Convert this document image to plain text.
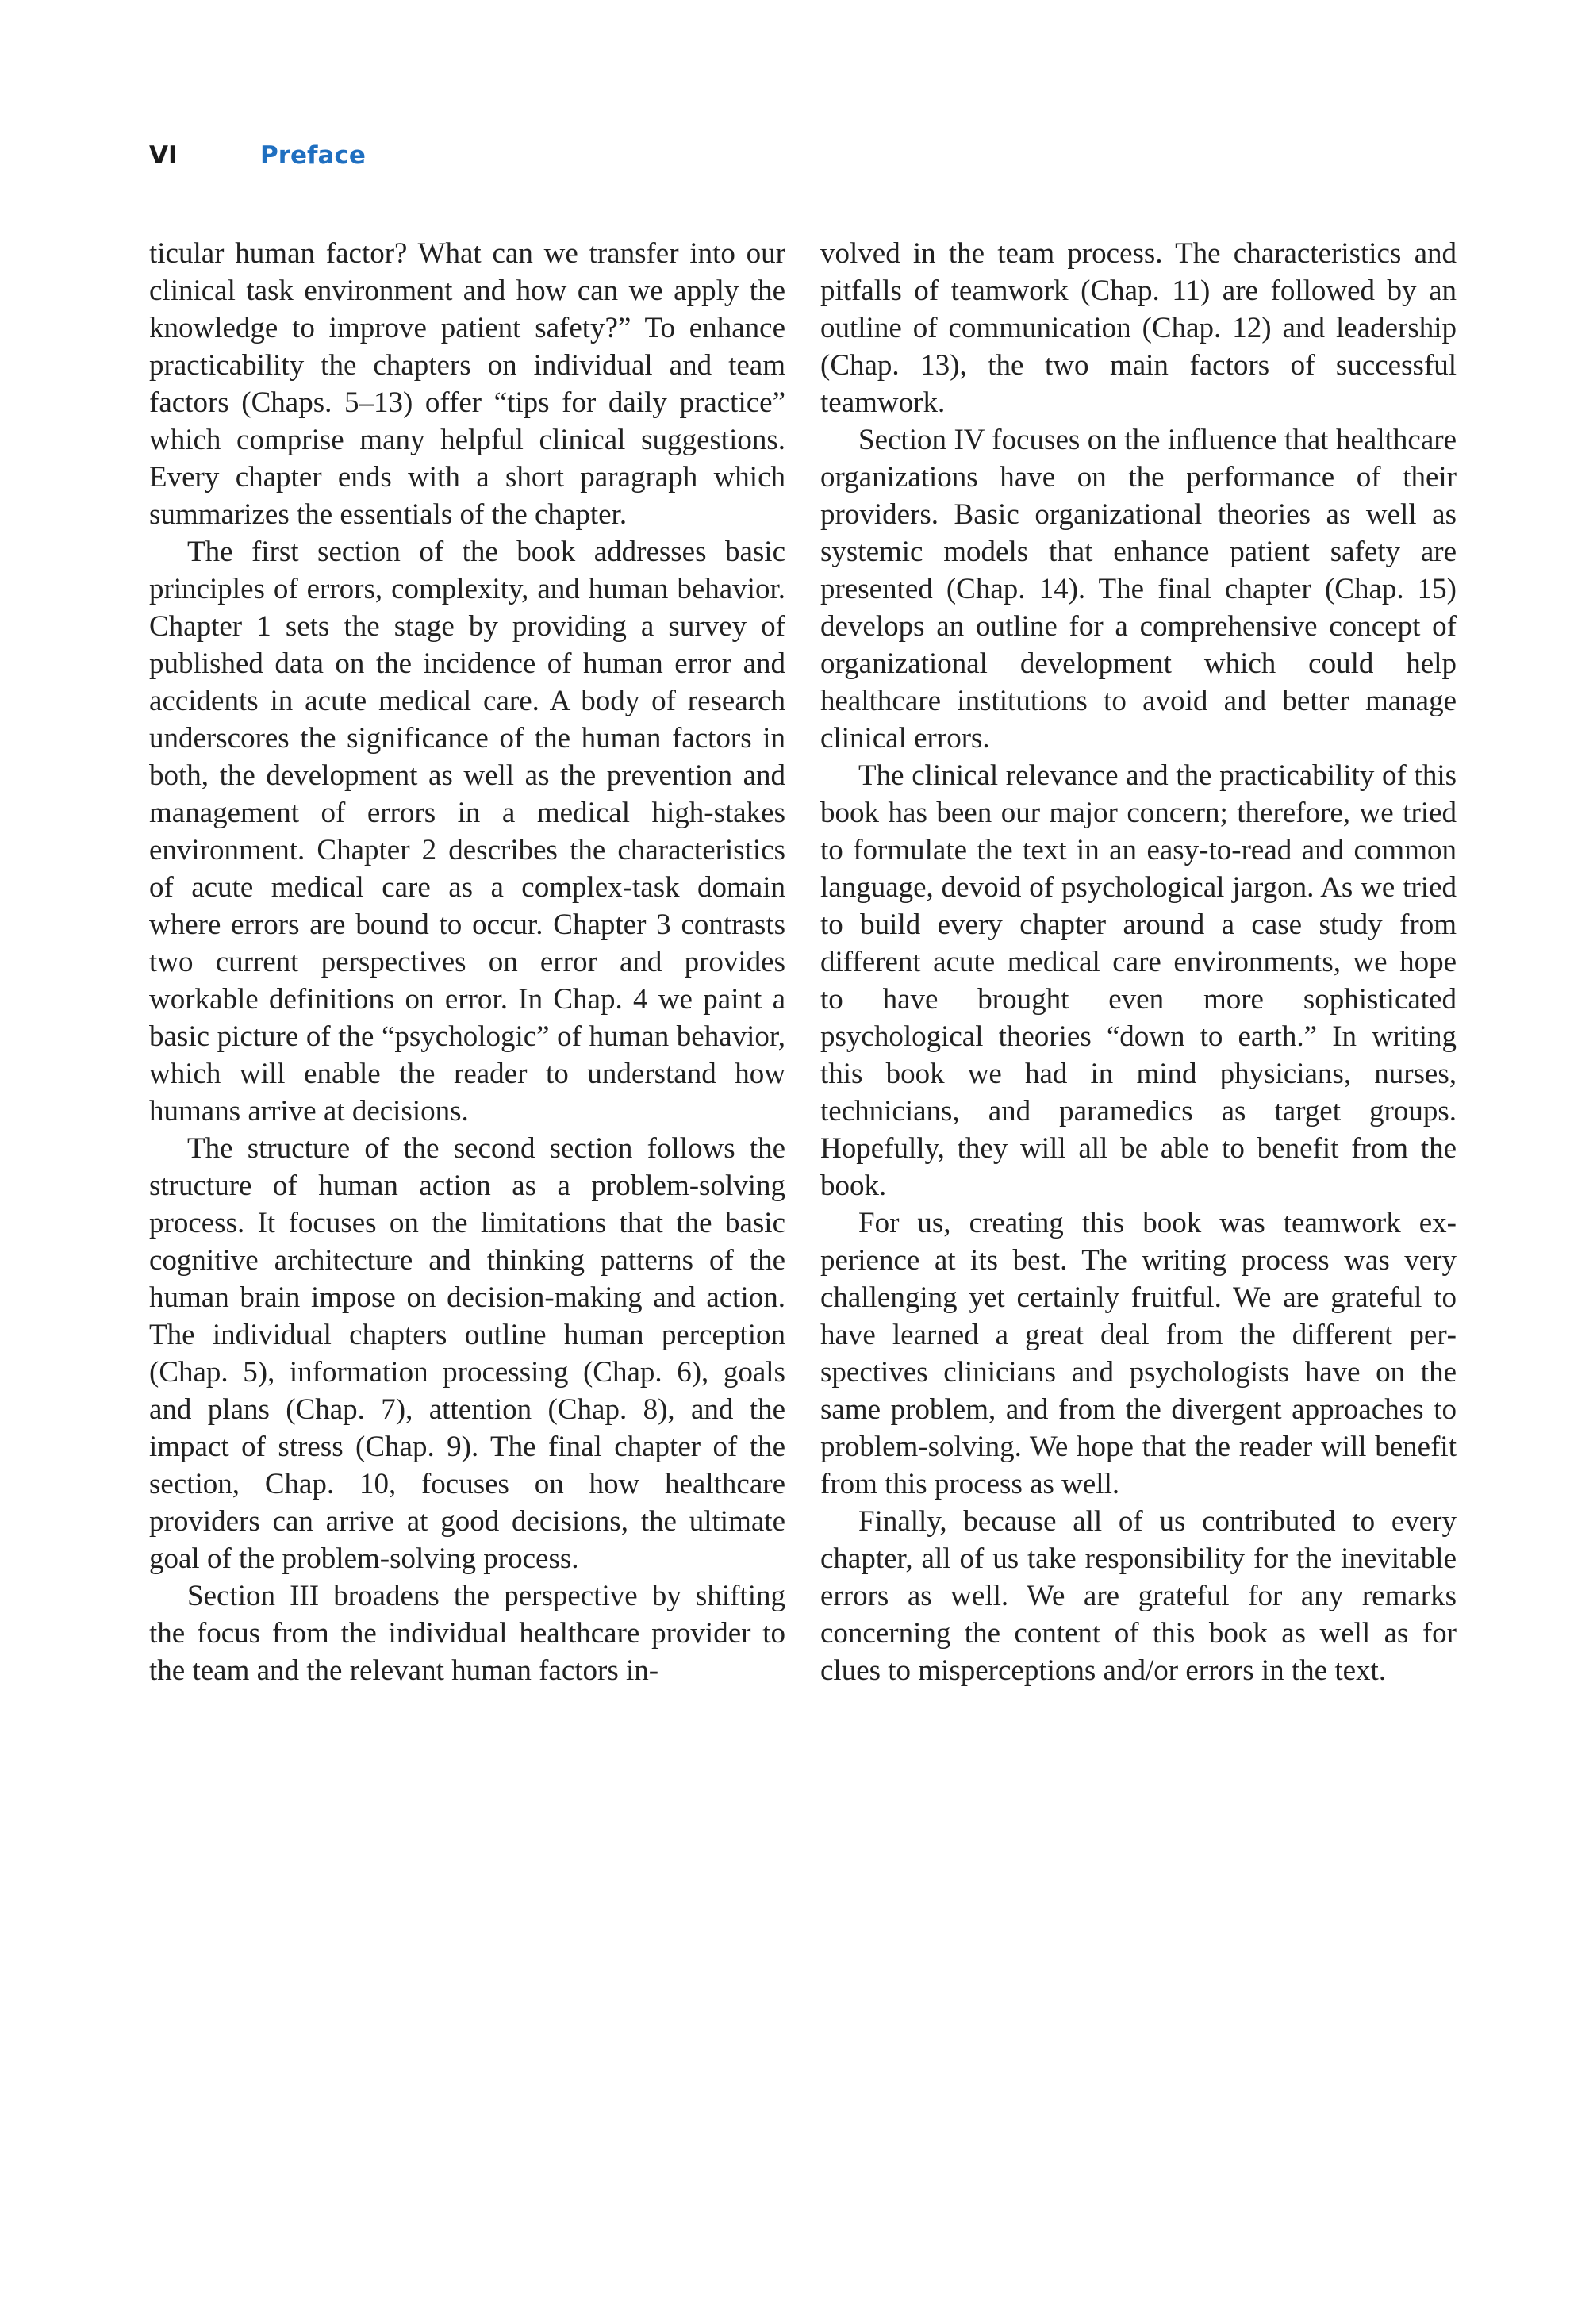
VI	Preface

ticular human factor? What can we transfer into our clinical task environment and how can we apply the knowledge to improve patient safety?” To enhance practicability the chapters on individual and team factors (Chaps. 5–13) offer “tips for daily practice” which comprise many helpful clinical suggestions. Every chapter ends with a short paragraph which summarizes the essentials of the chapter.

The first section of the book addresses basic principles of errors, complexity, and human behavior. Chapter 1 sets the stage by providing a survey of published data on the incidence of human error and accidents in acute medical care. A body of research underscores the significance of the human factors in both, the development as well as the prevention and management of errors in a medical high-stakes environment. Chapter 2 describes the characteristics of acute medical care as a complex-task domain where errors are bound to occur. Chapter 3 contrasts two current perspectives on error and provides workable definitions on error. In Chap. 4 we paint a basic picture of the “psychologic” of human behavior, which will enable the reader to understand how humans arrive at decisions.

The structure of the second section follows the structure of human action as a problem-solving process. It focuses on the limitations that the basic cognitive architecture and thinking patterns of the human brain impose on decision-making and action. The individual chapters outline human perception (Chap. 5), information processing (Chap. 6), goals and plans (Chap. 7), attention (Chap. 8), and the impact of stress (Chap. 9). The final chapter of the section, Chap. 10, focuses on how healthcare providers can arrive at good decisions, the ultimate goal of the problem-solving process.

Section III broadens the perspective by shifting the focus from the individual healthcare provider to the team and the relevant human factors in-

volved in the team process. The characteristics and pitfalls of teamwork (Chap. 11) are followed by an outline of communication (Chap. 12) and leadership (Chap. 13), the two main factors of successful teamwork.

Section IV focuses on the influence that healthcare organizations have on the performance of their providers. Basic organizational theories as well as systemic models that enhance patient safety are presented (Chap. 14). The final chapter (Chap. 15) develops an outline for a comprehensive concept of organizational development which could help healthcare institutions to avoid and better manage clinical errors.

The clinical relevance and the practicability of this book has been our major concern; therefore, we tried to formulate the text in an easy-to-read and common language, devoid of psychological jargon. As we tried to build every chapter around a case study from different acute medical care environments, we hope to have brought even more sophisticated psychological theories “down to earth.” In writing this book we had in mind physicians, nurses, technicians, and paramedics as target groups. Hopefully, they will all be able to benefit from the book.

For us, creating this book was teamwork experience at its best. The writing process was very challenging yet certainly fruitful. We are grateful to have learned a great deal from the different perspectives clinicians and psychologists have on the same problem, and from the divergent approaches to problem-solving. We hope that the reader will benefit from this process as well.

Finally, because all of us contributed to every chapter, all of us take responsibility for the inevitable errors as well. We are grateful for any remarks concerning the content of this book as well as for clues to misperceptions and/or errors in the text.
